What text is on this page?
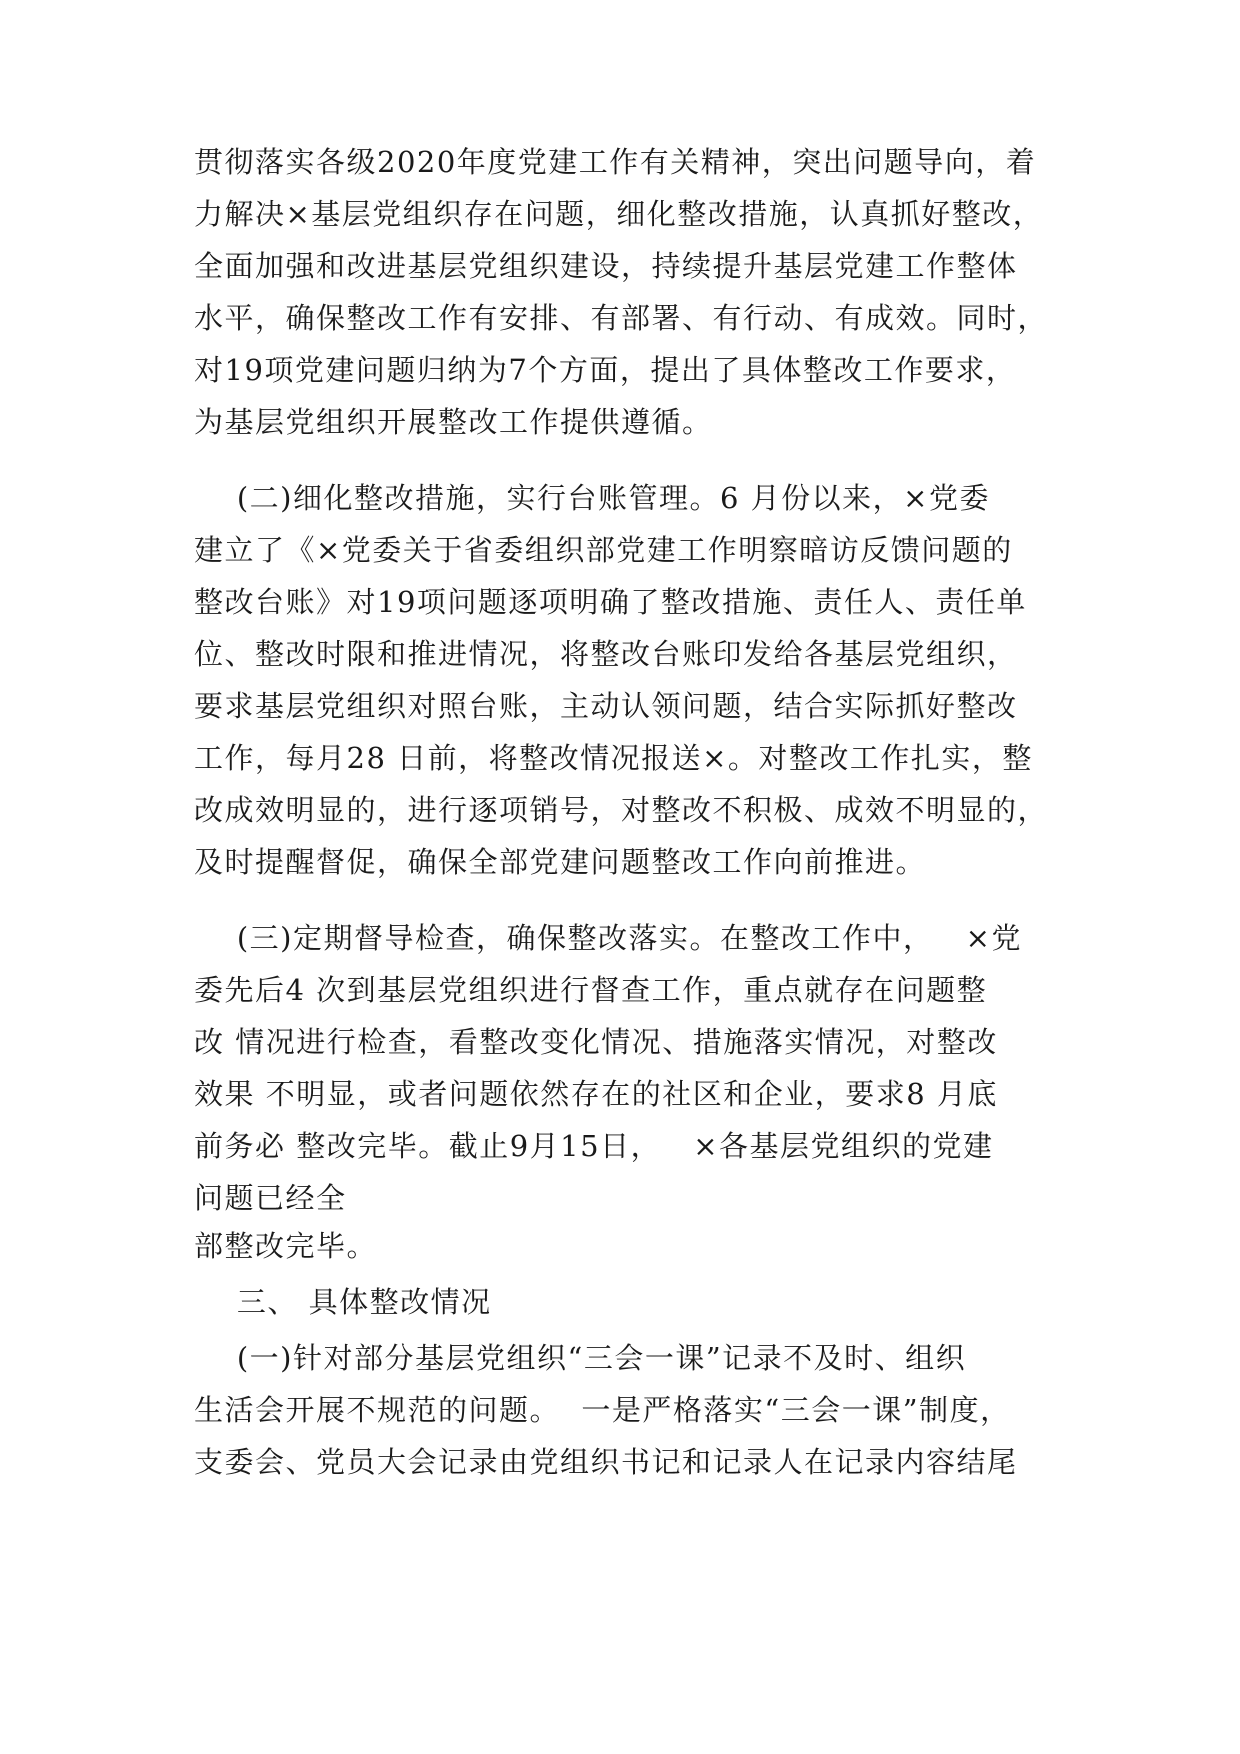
贯彻落实各级2020年度党建工作有关精神，突出问题导向，着
力解决×基层党组织存在问题，细化整改措施，认真抓好整改，
全面加强和改进基层党组织建设，持续提升基层党建工作整体
水平，确保整改工作有安排、有部署、有行动、有成效。同时，
对19项党建问题归纳为7个方面，提出了具体整改工作要求，
为基层党组织开展整改工作提供遵循。
(二)细化整改措施，实行台账管理。6 月份以来，×党委
建立了《×党委关于省委组织部党建工作明察暗访反馈问题的
整改台账》对19项问题逐项明确了整改措施、责任人、责任单
位、整改时限和推进情况，将整改台账印发给各基层党组织，
要求基层党组织对照台账，主动认领问题，结合实际抓好整改
工作，每月28 日前，将整改情况报送×。对整改工作扎实，整
改成效明显的，进行逐项销号，对整改不积极、成效不明显的，
及时提醒督促，确保全部党建问题整改工作向前推进。
(三)定期督导检查，确保整改落实。在整改工作中，   ×党
委先后4 次到基层党组织进行督查工作，重点就存在问题整
改 情况进行检查，看整改变化情况、措施落实情况，对整改
效果 不明显，或者问题依然存在的社区和企业，要求8 月底
前务必 整改完毕。截止9月15日，   ×各基层党组织的党建
问题已经全
部整改完毕。
三、 具体整改情况
(一)针对部分基层党组织“三会一课”记录不及时、组织
生活会开展不规范的问题。  一是严格落实“三会一课”制度，
支委会、党员大会记录由党组织书记和记录人在记录内容结尾
